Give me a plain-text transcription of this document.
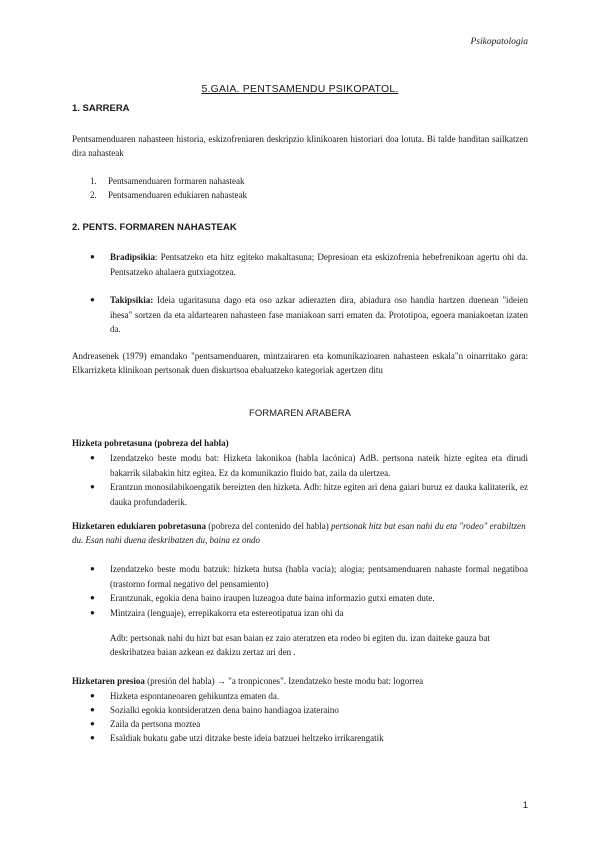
Psikopatologia
5.GAIA. PENTSAMENDU PSIKOPATOL.
1. SARRERA
Pentsamenduaren nahasteen historia, eskizofreniaren deskripzio klinikoaren historiari doa lotuta. Bi talde handitan sailkatzen dira nahasteak
1. Pentsamenduaren formaren nahasteak
2. Pentsamenduaren edukiaren nahasteak
2. PENTS. FORMAREN NAHASTEAK
● Bradipsikia: Pentsatzeko eta hitz egiteko makaltasuna; Depresioan eta eskizofrenia hebefrenikoan agertu ohi da. Pentsatzeko ahalaera gutxiagotzea.
● Takipsikia: Ideia ugaritasuna dago eta oso azkar adierazten dira, abiadura oso handia hartzen duenean "ideien ihesa" sortzen da eta aldartearen nahasteen fase maniakoan sarri ematen da. Prototipoa, egoera maniakoetan izaten da.
Andreasenek (1979) emandako "pentsamenduaren, mintzairaren eta komunikazioaren nahasteen eskala"n oinarritako gara: Elkarrizketa klinikoan pertsonak duen diskurtsoa ebaluatzeko kategoriak agertzen ditu
FORMAREN ARABERA
Hizketa pobretasuna (pobreza del habla)
● Izendatzeko beste modu bat: Hizketa lakonikoa (habla lacónica) AdB. pertsona nateik hizte egitea eta dirudi bakarrik silabakin hitz egitea. Ez da komunikazio fluido bat, zaila da ulertzea.
● Erantzun monosilabikoengatik bereizten den hizketa. Adb: hitze egiten ari dena gaiari buruz ez dauka kalitaterik, ez dauka profundaderik.
Hizketaren edukiaren pobretasuna (pobreza del contenido del habla) pertsonak hitz bat esan nahi du eta "rodeo" erabiltzen du. Esan nahi duena deskribatzen du, baina ez ondo
● Izendatzeko beste modu batzuk: hizketa hutsa (habla vacía); alogia; pentsamenduaren nahaste formal negatiboa (trastorno formal negativo del pensamiento)
● Erantzunak, egokia dena baino iraupen luzeagoa dute baina informazio gutxi ematen dute.
● Mintzaira (lenguaje), errepikakorra eta estereotipatua izan ohi da
Adb: pertsonak nahi du hizt bat esan baian ez zaio ateratzen eta rodeo bi egiten du. izan daiteke gauza bat deskribatzea baian azkean ez dakizu zertaz ari den .
Hizketaren presioa (presión del habla) → "a tronpicones". Izendatzeko beste modu bat: logorrea
● Hizketa espontaneoaren gehikuntza ematen da.
● Sozialki egokia kontsideratzen dena baino handiagoa izateraino
● Zaila da pertsona moztea
● Esaldiak bukatu gabe utzi ditzake beste ideia batzuei heltzeko irrikarengatik
1
